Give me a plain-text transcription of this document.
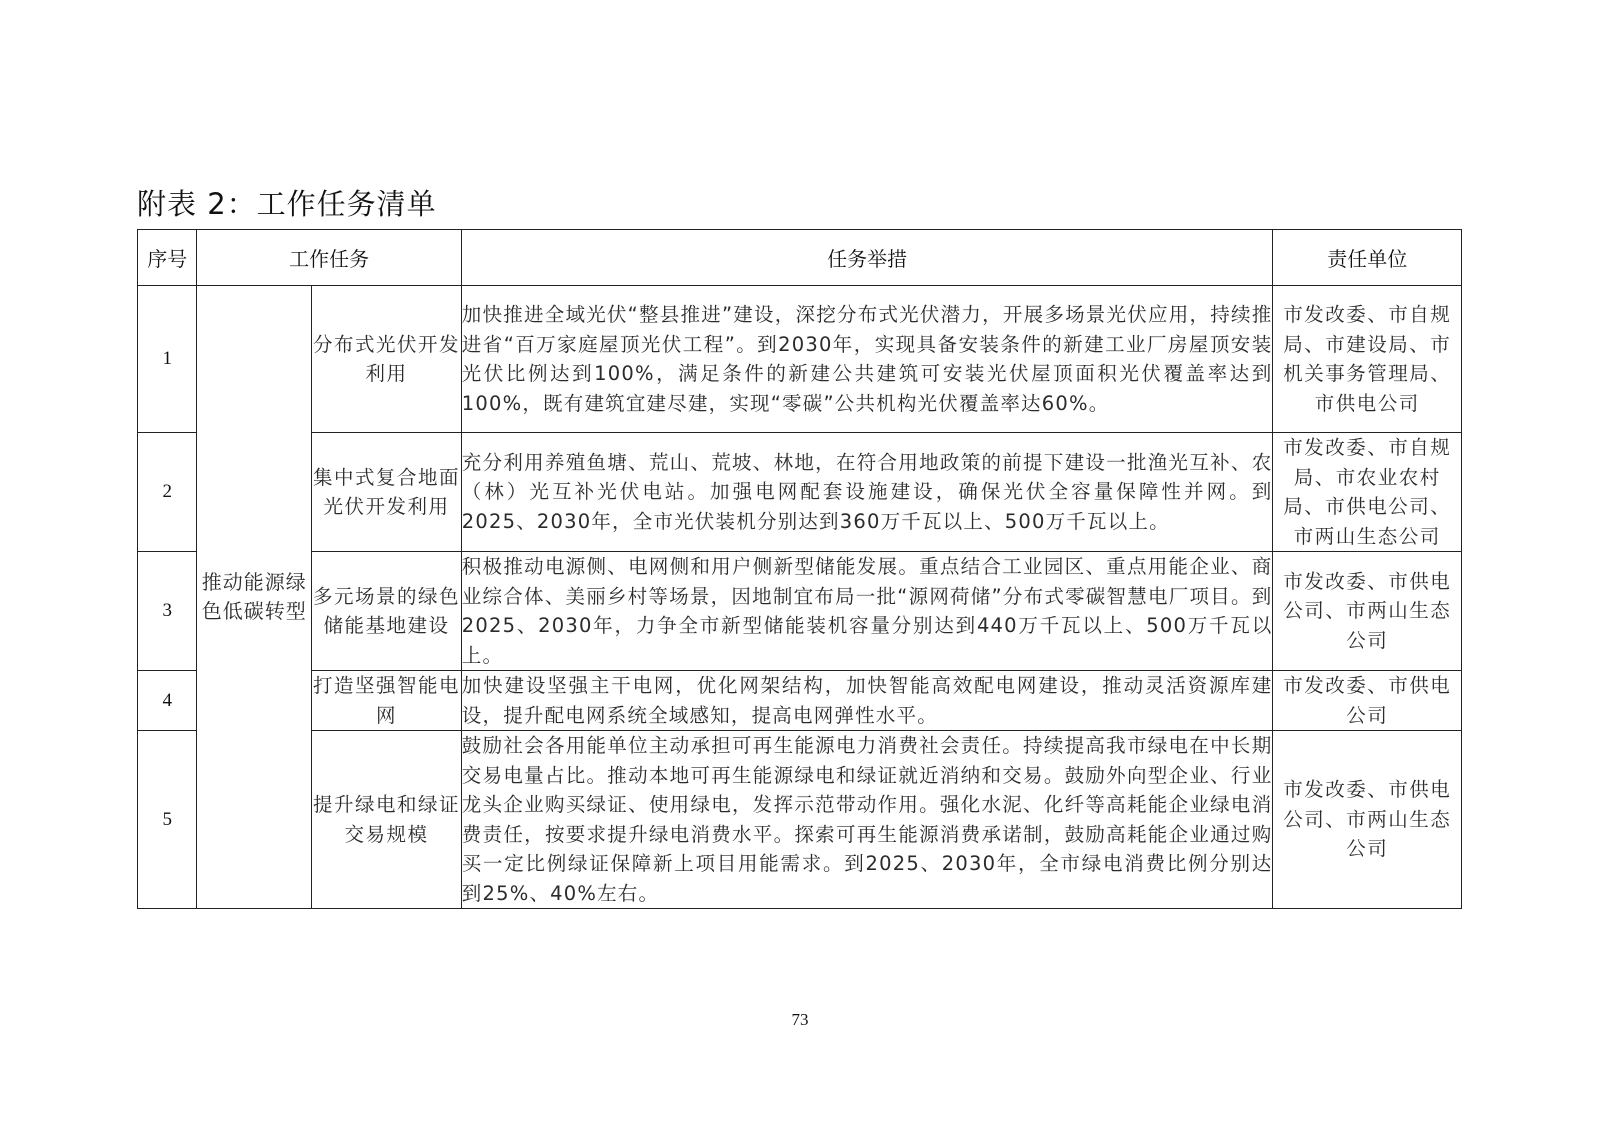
附表 2：工作任务清单
序号	工作任务		任务举措	责任单位
1	推动能源绿色低碳转型	分布式光伏开发利用	加快推进全域光伏“整县推进”建设，深挖分布式光伏潜力，开展多场景光伏应用，持续推进省“百万家庭屋顶光伏工程”。到2030年，实现具备安装条件的新建工业厂房屋顶安装光伏比例达到100%，满足条件的新建公共建筑可安装光伏屋顶面积光伏覆盖率达到100%，既有建筑宜建尽建，实现“零碳”公共机构光伏覆盖率达60%。	市发改委、市自规局、市建设局、市机关事务管理局、市供电公司
2		集中式复合地面光伏开发利用	充分利用养殖鱼塘、荒山、荒坡、林地，在符合用地政策的前提下建设一批渔光互补、农（林）光互补光伏电站。加强电网配套设施建设，确保光伏全容量保障性并网。到2025、2030年，全市光伏装机分别达到360万千瓦以上、500万千瓦以上。	市发改委、市自规局、市农业农村局、市供电公司、市两山生态公司
3		多元场景的绿色储能基地建设	积极推动电源侧、电网侧和用户侧新型储能发展。重点结合工业园区、重点用能企业、商业综合体、美丽乡村等场景，因地制宜布局一批“源网荷储”分布式零碳智慧电厂项目。到2025、2030年，力争全市新型储能装机容量分别达到440万千瓦以上、500万千瓦以上。	市发改委、市供电公司、市两山生态公司
4		打造坚强智能电网	加快建设坚强主干电网，优化网架结构，加快智能高效配电网建设，推动灵活资源库建设，提升配电网系统全域感知，提高电网弹性水平。	市发改委、市供电公司
5		提升绿电和绿证交易规模	鼓励社会各用能单位主动承担可再生能源电力消费社会责任。持续提高我市绿电在中长期交易电量占比。推动本地可再生能源绿电和绿证就近消纳和交易。鼓励外向型企业、行业龙头企业购买绿证、使用绿电，发挥示范带动作用。强化水泥、化纤等高耗能企业绿电消费责任，按要求提升绿电消费水平。探索可再生能源消费承诺制，鼓励高耗能企业通过购买一定比例绿证保障新上项目用能需求。到2025、2030年，全市绿电消费比例分别达到25%、40%左右。	市发改委、市供电公司、市两山生态公司
73
